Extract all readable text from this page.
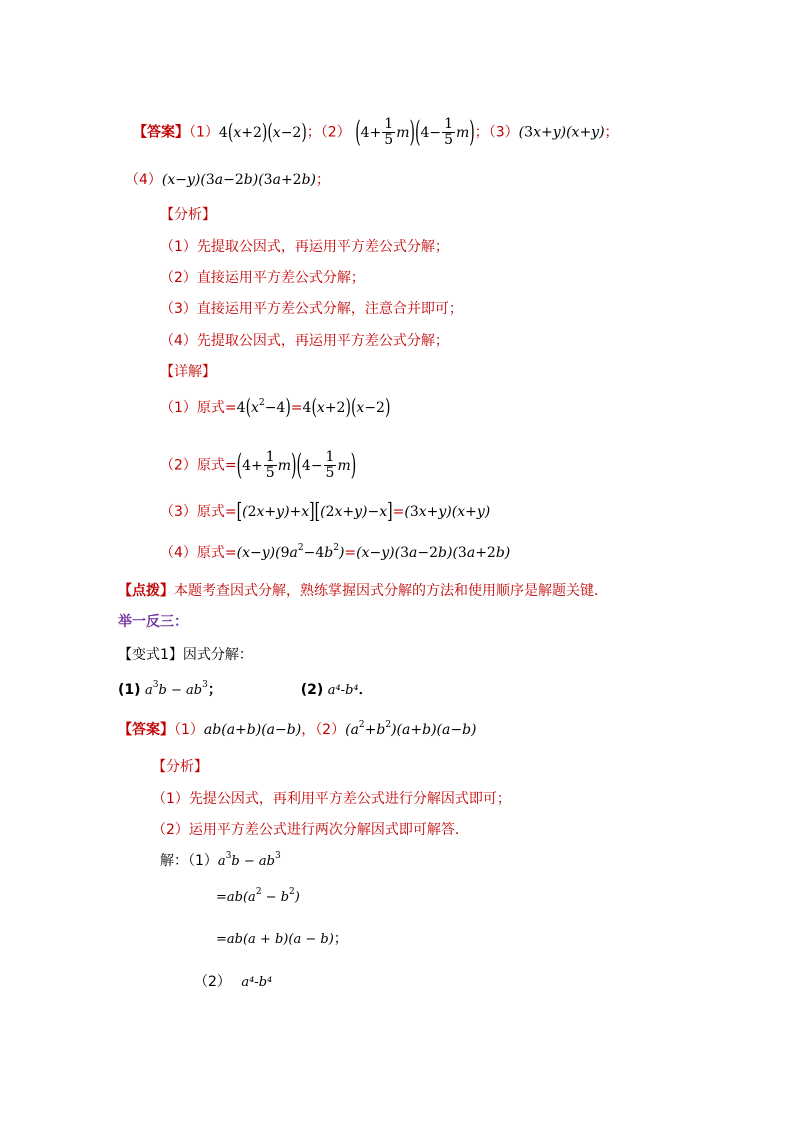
【答案】（1）4(x+2)(x−2)；（2） $(4+ \frac{1}{5} m)(4- \frac{1}{5} m)$；（3）(3x+y)(x+y)；
（4）(x−y)(3a−2b)(3a+2b)；
【分析】
（1）先提取公因式，再运用平方差公式分解；
（2）直接运用平方差公式分解；
（3）直接运用平方差公式分解，注意合并即可；
（4）先提取公因式，再运用平方差公式分解；
【详解】
（1）原式$=4(x^2-4)=4(x+2)(x-2)$
（2）原式$=(4+ \frac{1}{5} m)(4- \frac{1}{5} m)$
（3）原式=[(2x+y)+x][(2x+y)−x]=(3x+y)(x+y)
（4）原式$=(x-y)(9a^2-4b^2)=(x-y)(3a-2b)(3a+2b)$
【点拨】本题考查因式分解，熟练掌握因式分解的方法和使用顺序是解题关键．
举一反三：
【变式1】因式分解：
(1) $a^3b - ab^3$；	(2) a⁴-b⁴．
【答案】（1）ab(a+b)(a−b)，$(2)(a^2+b^2)(a+b)(a-b)$
【分析】
（1）先提公因式，再利用平方差公式进行分解因式即可；
（2）运用平方差公式进行两次分解因式即可解答．
解：$(1)a^3b - ab^3$
$=ab(a^2 - b^2)$
=ab(a + b)(a − b)；
（2） a⁴-b⁴
